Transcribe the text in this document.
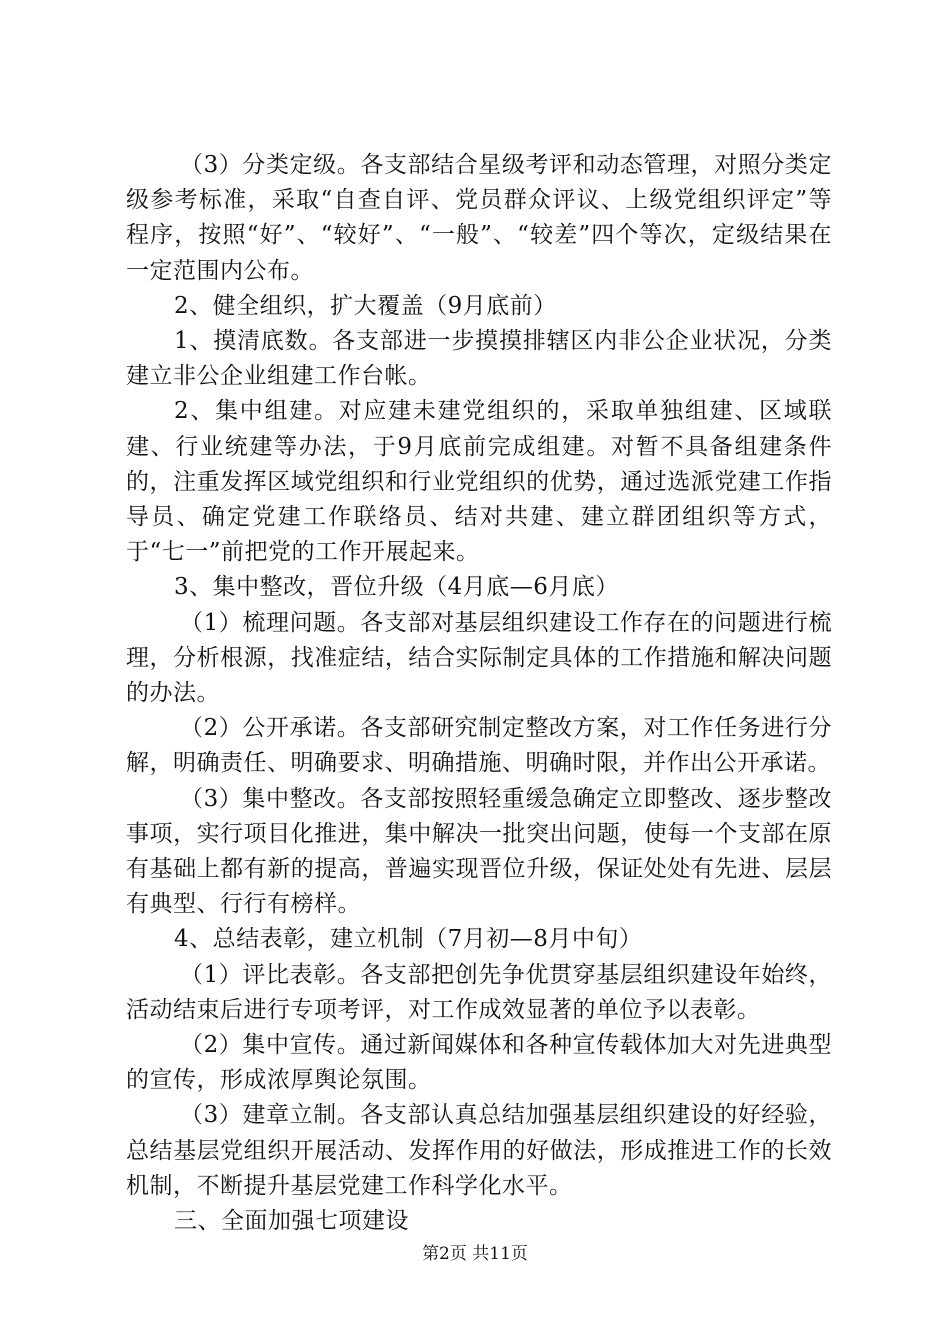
（3）分类定级。各支部结合星级考评和动态管理，对照分类定级参考标准，采取“自查自评、党员群众评议、上级党组织评定”等程序，按照“好”、“较好”、“一般”、“较差”四个等次，定级结果在一定范围内公布。

2、健全组织，扩大覆盖（9月底前）

1、摸清底数。各支部进一步摸摸排辖区内非公企业状况，分类建立非公企业组建工作台帐。

2、集中组建。对应建未建党组织的，采取单独组建、区域联建、行业统建等办法，于9月底前完成组建。对暂不具备组建条件的，注重发挥区域党组织和行业党组织的优势，通过选派党建工作指导员、确定党建工作联络员、结对共建、建立群团组织等方式，于“七一”前把党的工作开展起来。

3、集中整改，晋位升级（4月底—6月底）

（1）梳理问题。各支部对基层组织建设工作存在的问题进行梳理，分析根源，找准症结，结合实际制定具体的工作措施和解决问题的办法。

（2）公开承诺。各支部研究制定整改方案，对工作任务进行分解，明确责任、明确要求、明确措施、明确时限，并作出公开承诺。

（3）集中整改。各支部按照轻重缓急确定立即整改、逐步整改事项，实行项目化推进，集中解决一批突出问题，使每一个支部在原有基础上都有新的提高，普遍实现晋位升级，保证处处有先进、层层有典型、行行有榜样。

4、总结表彰，建立机制（7月初—8月中旬）

（1）评比表彰。各支部把创先争优贯穿基层组织建设年始终，活动结束后进行专项考评，对工作成效显著的单位予以表彰。

（2）集中宣传。通过新闻媒体和各种宣传载体加大对先进典型的宣传，形成浓厚舆论氛围。

（3）建章立制。各支部认真总结加强基层组织建设的好经验，总结基层党组织开展活动、发挥作用的好做法，形成推进工作的长效机制，不断提升基层党建工作科学化水平。

三、全面加强七项建设

第2页 共11页
